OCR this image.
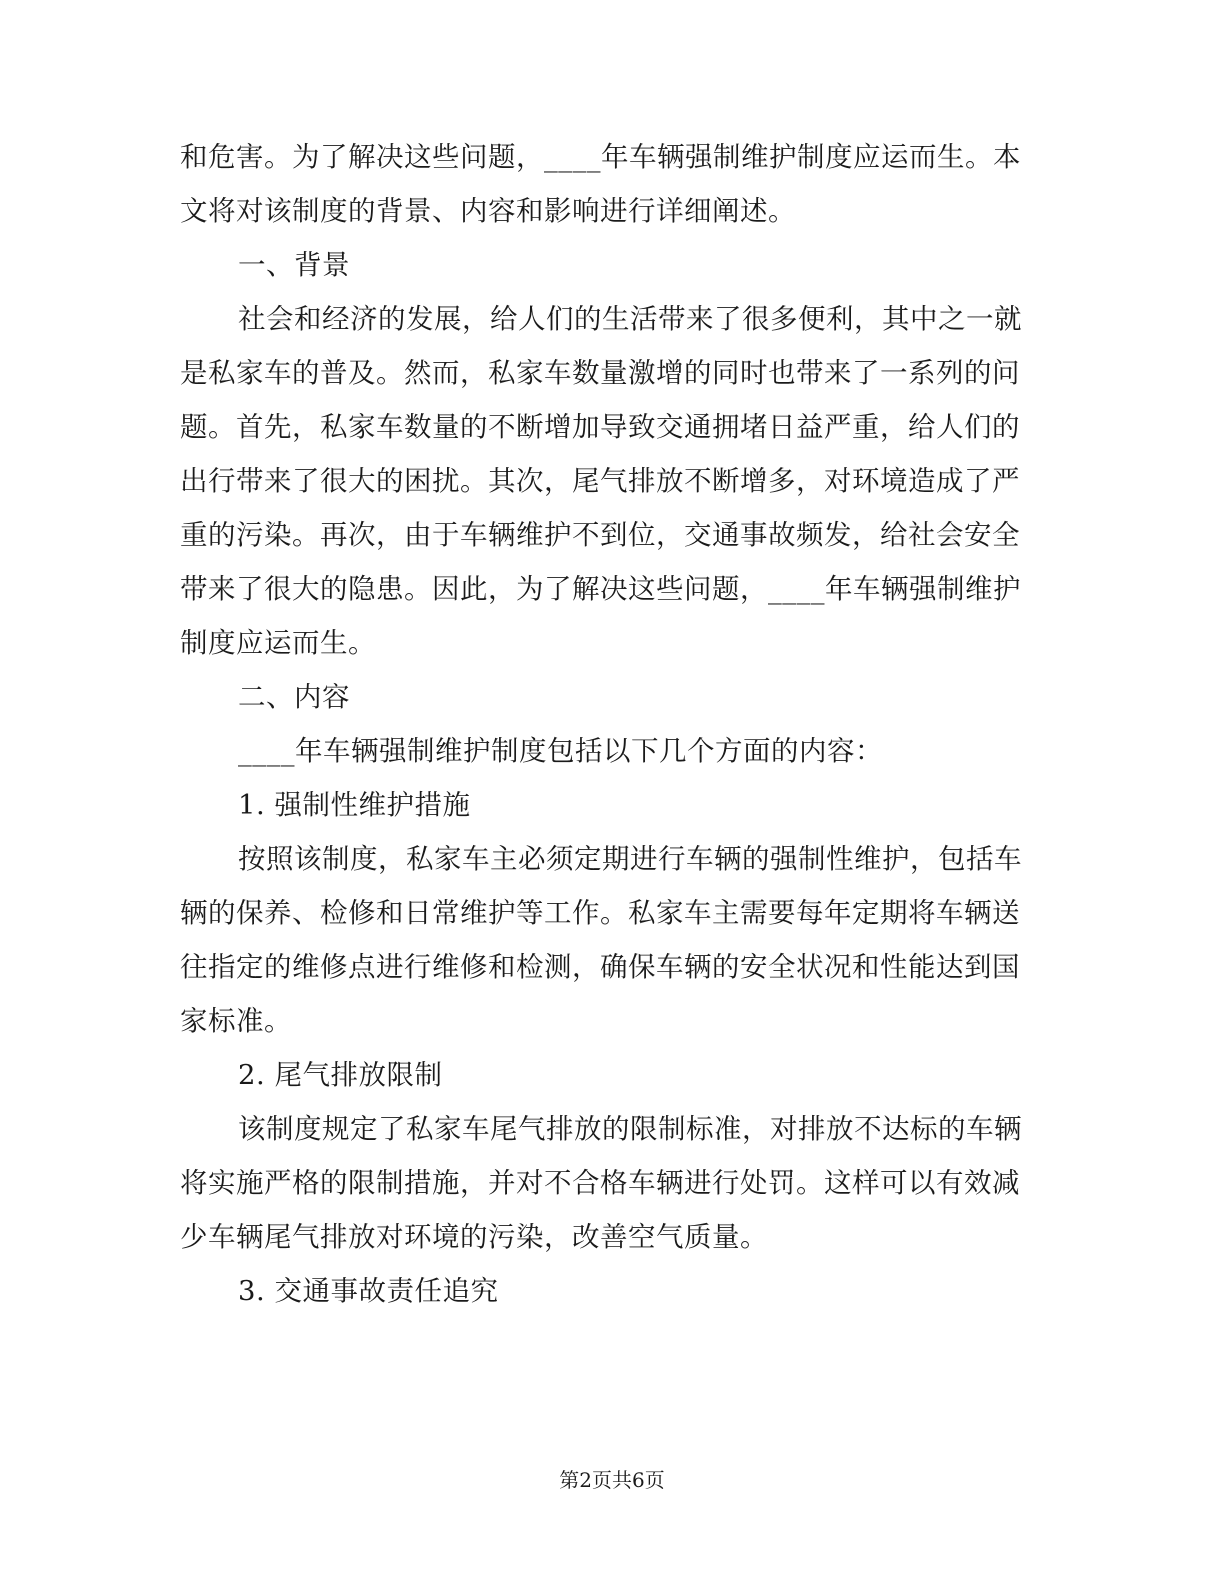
和危害。为了解决这些问题，____年车辆强制维护制度应运而生。本
文将对该制度的背景、内容和影响进行详细阐述。
一、背景
社会和经济的发展，给人们的生活带来了很多便利，其中之一就
是私家车的普及。然而，私家车数量激增的同时也带来了一系列的问
题。首先，私家车数量的不断增加导致交通拥堵日益严重，给人们的
出行带来了很大的困扰。其次，尾气排放不断增多，对环境造成了严
重的污染。再次，由于车辆维护不到位，交通事故频发，给社会安全
带来了很大的隐患。因此，为了解决这些问题，____年车辆强制维护
制度应运而生。
二、内容
____年车辆强制维护制度包括以下几个方面的内容：
1. 强制性维护措施
按照该制度，私家车主必须定期进行车辆的强制性维护，包括车
辆的保养、检修和日常维护等工作。私家车主需要每年定期将车辆送
往指定的维修点进行维修和检测，确保车辆的安全状况和性能达到国
家标准。
2. 尾气排放限制
该制度规定了私家车尾气排放的限制标准，对排放不达标的车辆
将实施严格的限制措施，并对不合格车辆进行处罚。这样可以有效减
少车辆尾气排放对环境的污染，改善空气质量。
3. 交通事故责任追究
第2页共6页
